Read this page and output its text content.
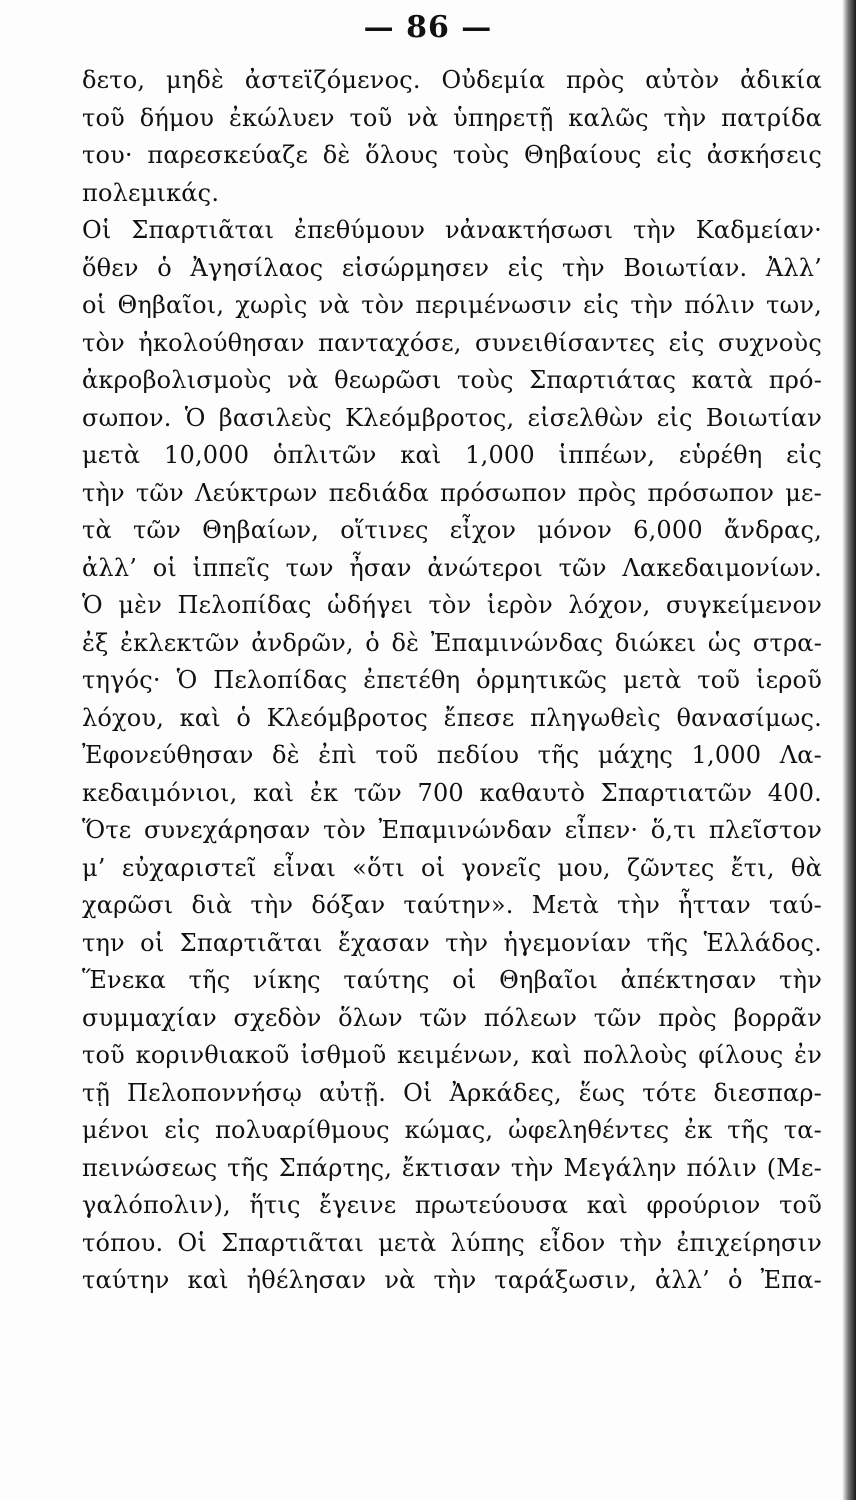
— 86 —
δετο, μηδὲ ἀστεϊζόμενος. Οὐδεμία πρὸς αὐτὸν ἀδικία
τοῦ δήμου ἐκώλυεν τοῦ νὰ ὑπηρετῇ καλῶς τὴν πατρίδα
του· παρεσκεύαζε δὲ ὅλους τοὺς Θηβαίους εἰς ἀσκήσεις
πολεμικάς.
Οἱ Σπαρτιᾶται ἐπεθύμουν νἀνακτήσωσι τὴν Καδμείαν·
ὅθεν ὁ Ἀγησίλαος εἰσώρμησεν εἰς τὴν Βοιωτίαν. Ἀλλ’
οἱ Θηβαῖοι, χωρὶς νὰ τὸν περιμένωσιν εἰς τὴν πόλιν των,
τὸν ἠκολούθησαν πανταχόσε, συνειθίσαντες εἰς συχνοὺς
ἀκροβολισμοὺς νὰ θεωρῶσι τοὺς Σπαρτιάτας κατὰ πρό-
σωπον. Ὁ βασιλεὺς Κλεόμβροτος, εἰσελθὼν εἰς Βοιωτίαν
μετὰ 10,000 ὁπλιτῶν καὶ 1,000 ἱππέων, εὑρέθη εἰς
τὴν τῶν Λεύκτρων πεδιάδα πρόσωπον πρὸς πρόσωπον με-
τὰ τῶν Θηβαίων, οἵτινες εἶχον μόνον 6,000 ἄνδρας,
ἀλλ’ οἱ ἱππεῖς των ἦσαν ἀνώτεροι τῶν Λακεδαιμονίων.
Ὁ μὲν Πελοπίδας ὡδήγει τὸν ἱερὸν λόχον, συγκείμενον
ἐξ ἐκλεκτῶν ἀνδρῶν, ὁ δὲ Ἐπαμινώνδας διώκει ὡς στρα-
τηγός· Ὁ Πελοπίδας ἐπετέθη ὁρμητικῶς μετὰ τοῦ ἱεροῦ
λόχου, καὶ ὁ Κλεόμβροτος ἔπεσε πληγωθεὶς θανασίμως.
Ἐφονεύθησαν δὲ ἐπὶ τοῦ πεδίου τῆς μάχης 1,000 Λα-
κεδαιμόνιοι, καὶ ἐκ τῶν 700 καθαυτὸ Σπαρτιατῶν 400.
Ὅτε συνεχάρησαν τὸν Ἐπαμινώνδαν εἶπεν· ὅ,τι πλεῖστον
μ’ εὐχαριστεῖ εἶναι «ὅτι οἱ γονεῖς μου, ζῶντες ἔτι, θὰ
χαρῶσι διὰ τὴν δόξαν ταύτην». Μετὰ τὴν ἧτταν ταύ-
την οἱ Σπαρτιᾶται ἔχασαν τὴν ἡγεμονίαν τῆς Ἑλλάδος.
Ἕνεκα τῆς νίκης ταύτης οἱ Θηβαῖοι ἀπέκτησαν τὴν
συμμαχίαν σχεδὸν ὅλων τῶν πόλεων τῶν πρὸς βορρᾶν
τοῦ κορινθιακοῦ ἰσθμοῦ κειμένων, καὶ πολλοὺς φίλους ἐν
τῇ Πελοποννήσῳ αὐτῇ. Οἱ Ἀρκάδες, ἕως τότε διεσπαρ-
μένοι εἰς πολυαρίθμους κώμας, ὠφεληθέντες ἐκ τῆς τα-
πεινώσεως τῆς Σπάρτης, ἔκτισαν τὴν Μεγάλην πόλιν (Με-
γαλόπολιν), ἥτις ἔγεινε πρωτεύουσα καὶ φρούριον τοῦ
τόπου. Οἱ Σπαρτιᾶται μετὰ λύπης εἶδον τὴν ἐπιχείρησιν
ταύτην καὶ ἠθέλησαν νὰ τὴν ταράξωσιν, ἀλλ’ ὁ Ἐπα-
